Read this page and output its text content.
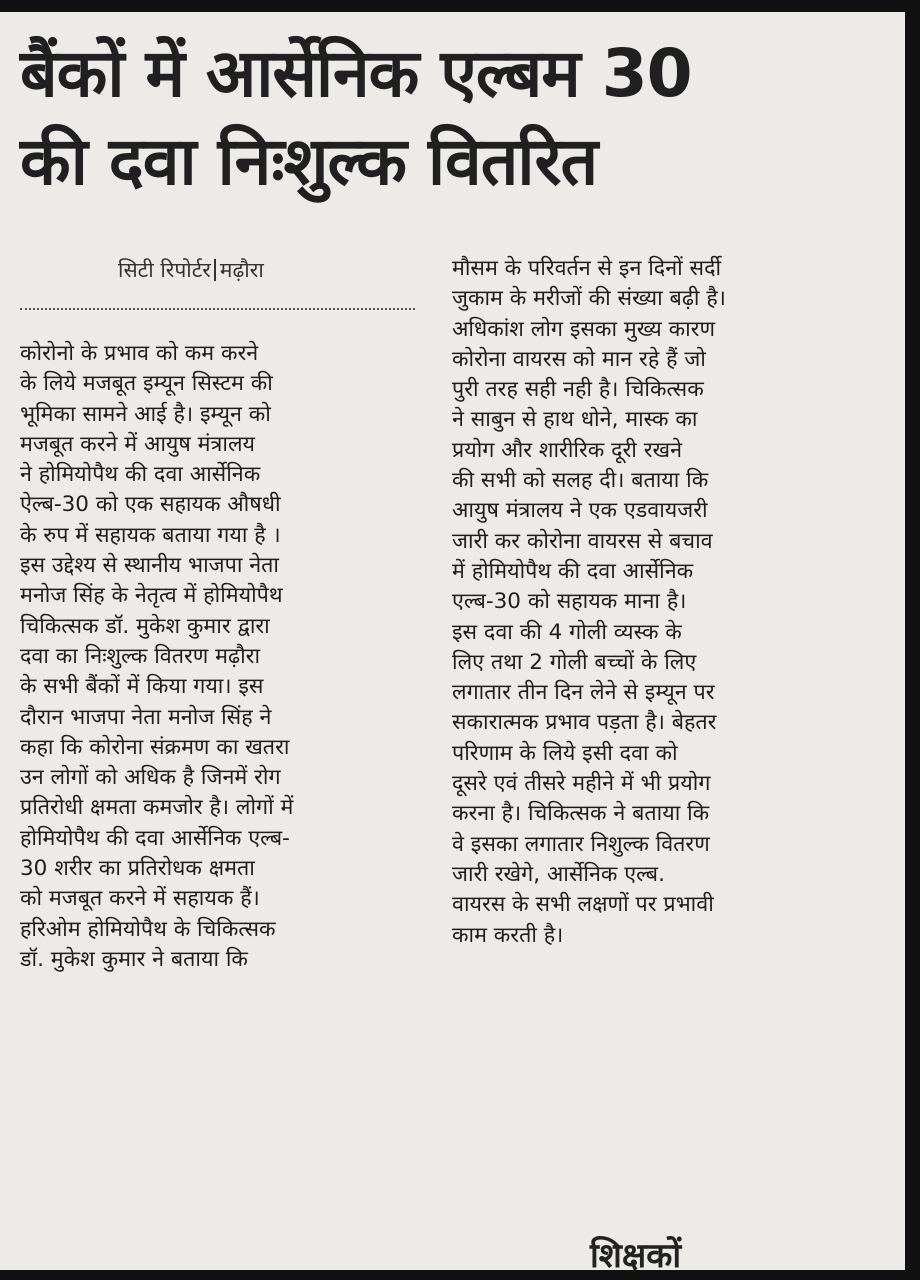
बैंकों में आर्सेनिक एल्बम 30
की दवा निःशुल्क वितरित
सिटी रिपोर्टर मढ़ौरा
कोरोनो के प्रभाव को कम करने
के लिये मजबूत इम्यून सिस्टम की
भूमिका सामने आई है। इम्यून को
मजबूत करने में आयुष मंत्रालय
ने होमियोपैथ की दवा आर्सेनिक
ऐल्ब-30 को एक सहायक औषधी
के रुप में सहायक बताया गया है ।
इस उद्देश्य से स्थानीय भाजपा नेता
मनोज सिंह के नेतृत्व में होमियोपैथ
चिकित्सक डॉ. मुकेश कुमार द्वारा
दवा का निःशुल्क वितरण मढ़ौरा
के सभी बैंकों में किया गया। इस
दौरान भाजपा नेता मनोज सिंह ने
कहा कि कोरोना संक्रमण का खतरा
उन लोगों को अधिक है जिनमें रोग
प्रतिरोधी क्षमता कमजोर है। लोगों में
होमियोपैथ की दवा आर्सेनिक एल्ब-
30 शरीर का प्रतिरोधक क्षमता
को मजबूत करने में सहायक हैं।
हरिओम होमियोपैथ के चिकित्सक
डॉ. मुकेश कुमार ने बताया कि
मौसम के परिवर्तन से इन दिनों सर्दी
जुकाम के मरीजों की संख्या बढ़ी है।
अधिकांश लोग इसका मुख्य कारण
कोरोना वायरस को मान रहे हैं जो
पुरी तरह सही नही है। चिकित्सक
ने साबुन से हाथ धोने, मास्क का
प्रयोग और शारीरिक दूरी रखने
की सभी को सलह दी। बताया कि
आयुष मंत्रालय ने एक एडवायजरी
जारी कर कोरोना वायरस से बचाव
में होमियोपैथ की दवा आर्सेनिक
एल्ब-30 को सहायक माना है।
इस दवा की 4 गोली व्यस्क के
लिए तथा 2 गोली बच्चों के लिए
लगातार तीन दिन लेने से इम्यून पर
सकारात्मक प्रभाव पड़ता है। बेहतर
परिणाम के लिये इसी दवा को
दूसरे एवं तीसरे महीने में भी प्रयोग
करना है। चिकित्सक ने बताया कि
वे इसका लगातार निशुल्क वितरण
जारी रखेगे, आर्सेनिक एल्ब.
वायरस के सभी लक्षणों पर प्रभावी
काम करती है।
शिक्षकों
